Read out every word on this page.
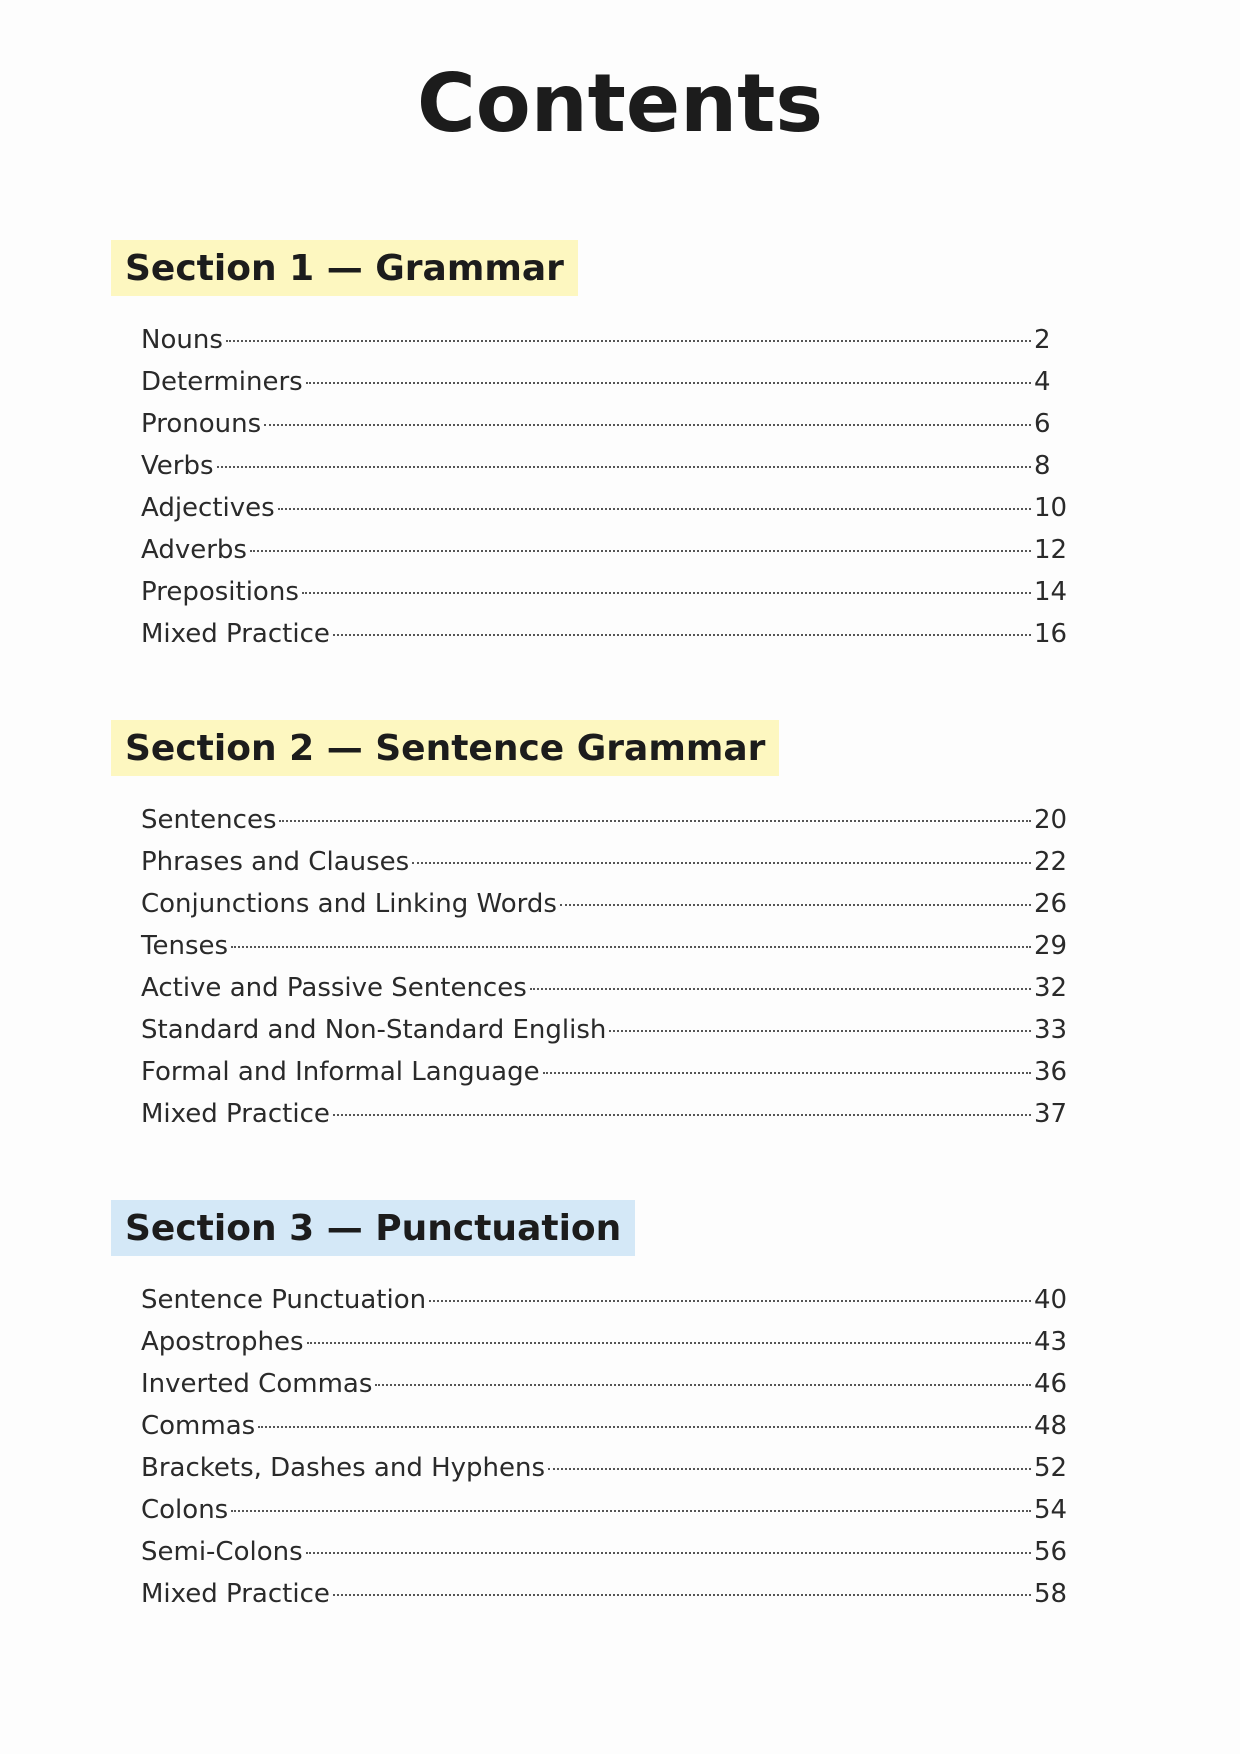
Contents
Section 1 — Grammar
Nouns	2
Determiners	4
Pronouns	6
Verbs	8
Adjectives	10
Adverbs	12
Prepositions	14
Mixed Practice	16
Section 2 — Sentence Grammar
Sentences	20
Phrases and Clauses	22
Conjunctions and Linking Words	26
Tenses	29
Active and Passive Sentences	32
Standard and Non-Standard English	33
Formal and Informal Language	36
Mixed Practice	37
Section 3 — Punctuation
Sentence Punctuation	40
Apostrophes	43
Inverted Commas	46
Commas	48
Brackets, Dashes and Hyphens	52
Colons	54
Semi-Colons	56
Mixed Practice	58
